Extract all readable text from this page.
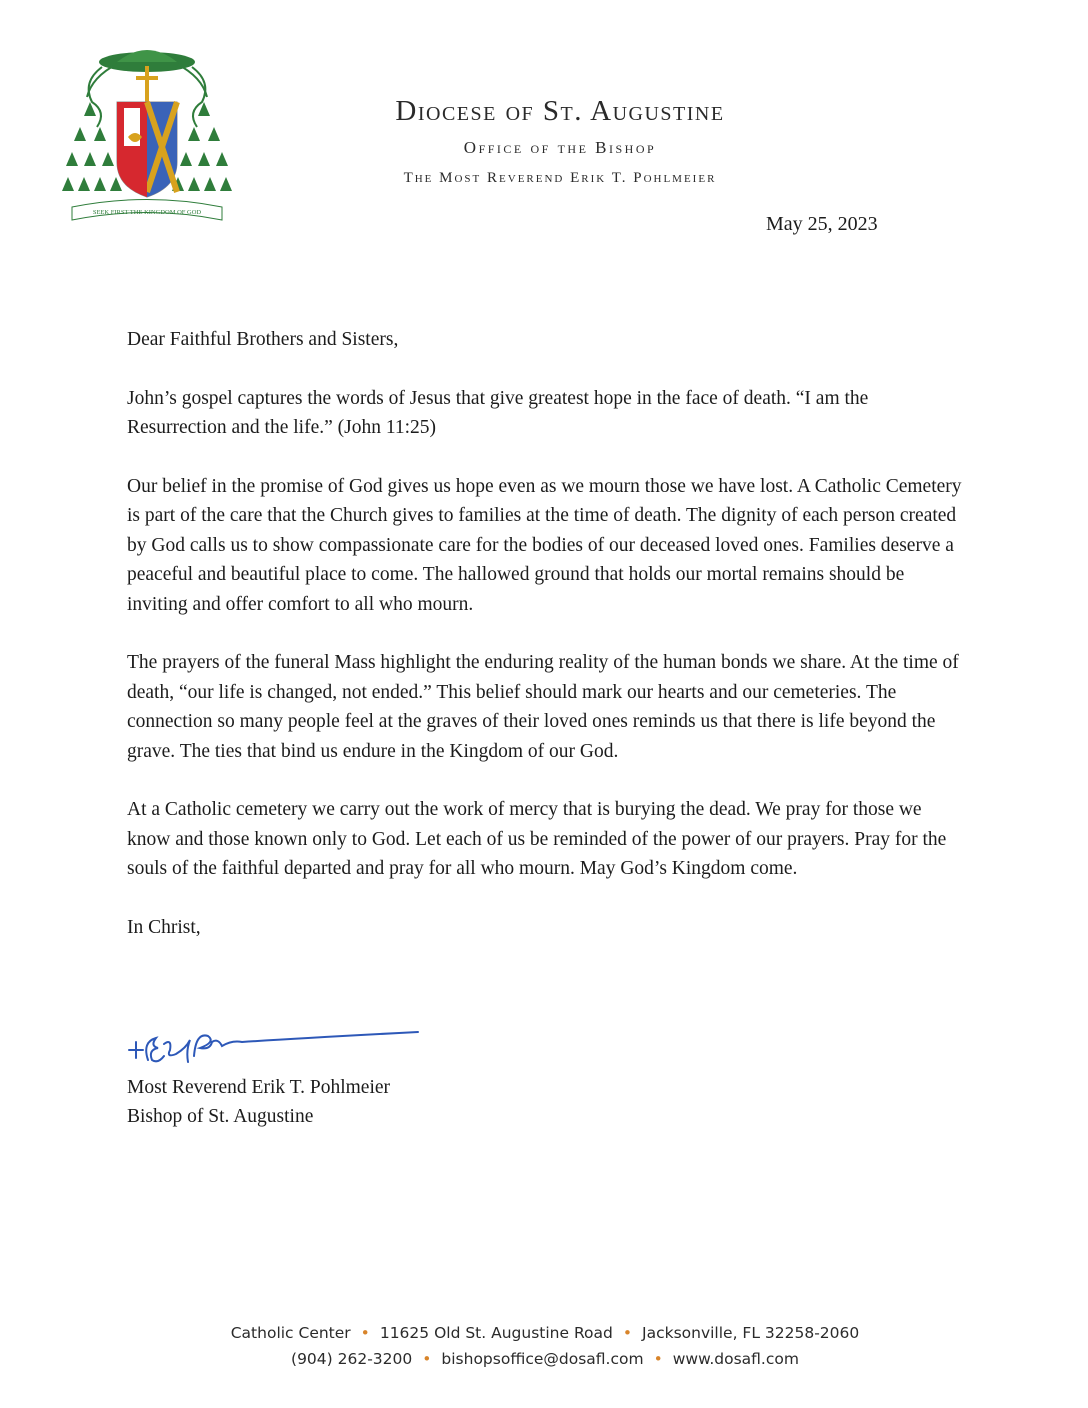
SEEK FIRST THE KINGDOM OF GOD
Diocese of St. Augustine
Office of the Bishop
The Most Reverend Erik T. Pohlmeier
May 25, 2023

Dear Faithful Brothers and Sisters,

John’s gospel captures the words of Jesus that give greatest hope in the face of death. “I am the Resurrection and the life.” (John 11:25)

Our belief in the promise of God gives us hope even as we mourn those we have lost. A Catholic Cemetery is part of the care that the Church gives to families at the time of death. The dignity of each person created by God calls us to show compassionate care for the bodies of our deceased loved ones. Families deserve a peaceful and beautiful place to come. The hallowed ground that holds our mortal remains should be inviting and offer comfort to all who mourn.

The prayers of the funeral Mass highlight the enduring reality of the human bonds we share. At the time of death, “our life is changed, not ended.” This belief should mark our hearts and our cemeteries. The connection so many people feel at the graves of their loved ones reminds us that there is life beyond the grave. The ties that bind us endure in the Kingdom of our God.

At a Catholic cemetery we carry out the work of mercy that is burying the dead. We pray for those we know and those known only to God. Let each of us be reminded of the power of our prayers. Pray for the souls of the faithful departed and pray for all who mourn. May God’s Kingdom come.

In Christ,

Most Reverend Erik T. Pohlmeier
Bishop of St. Augustine
Catholic Center • 11625 Old St. Augustine Road • Jacksonville, FL 32258-2060
(904) 262-3200 • bishopsoffice@dosafl.com • www.dosafl.com
